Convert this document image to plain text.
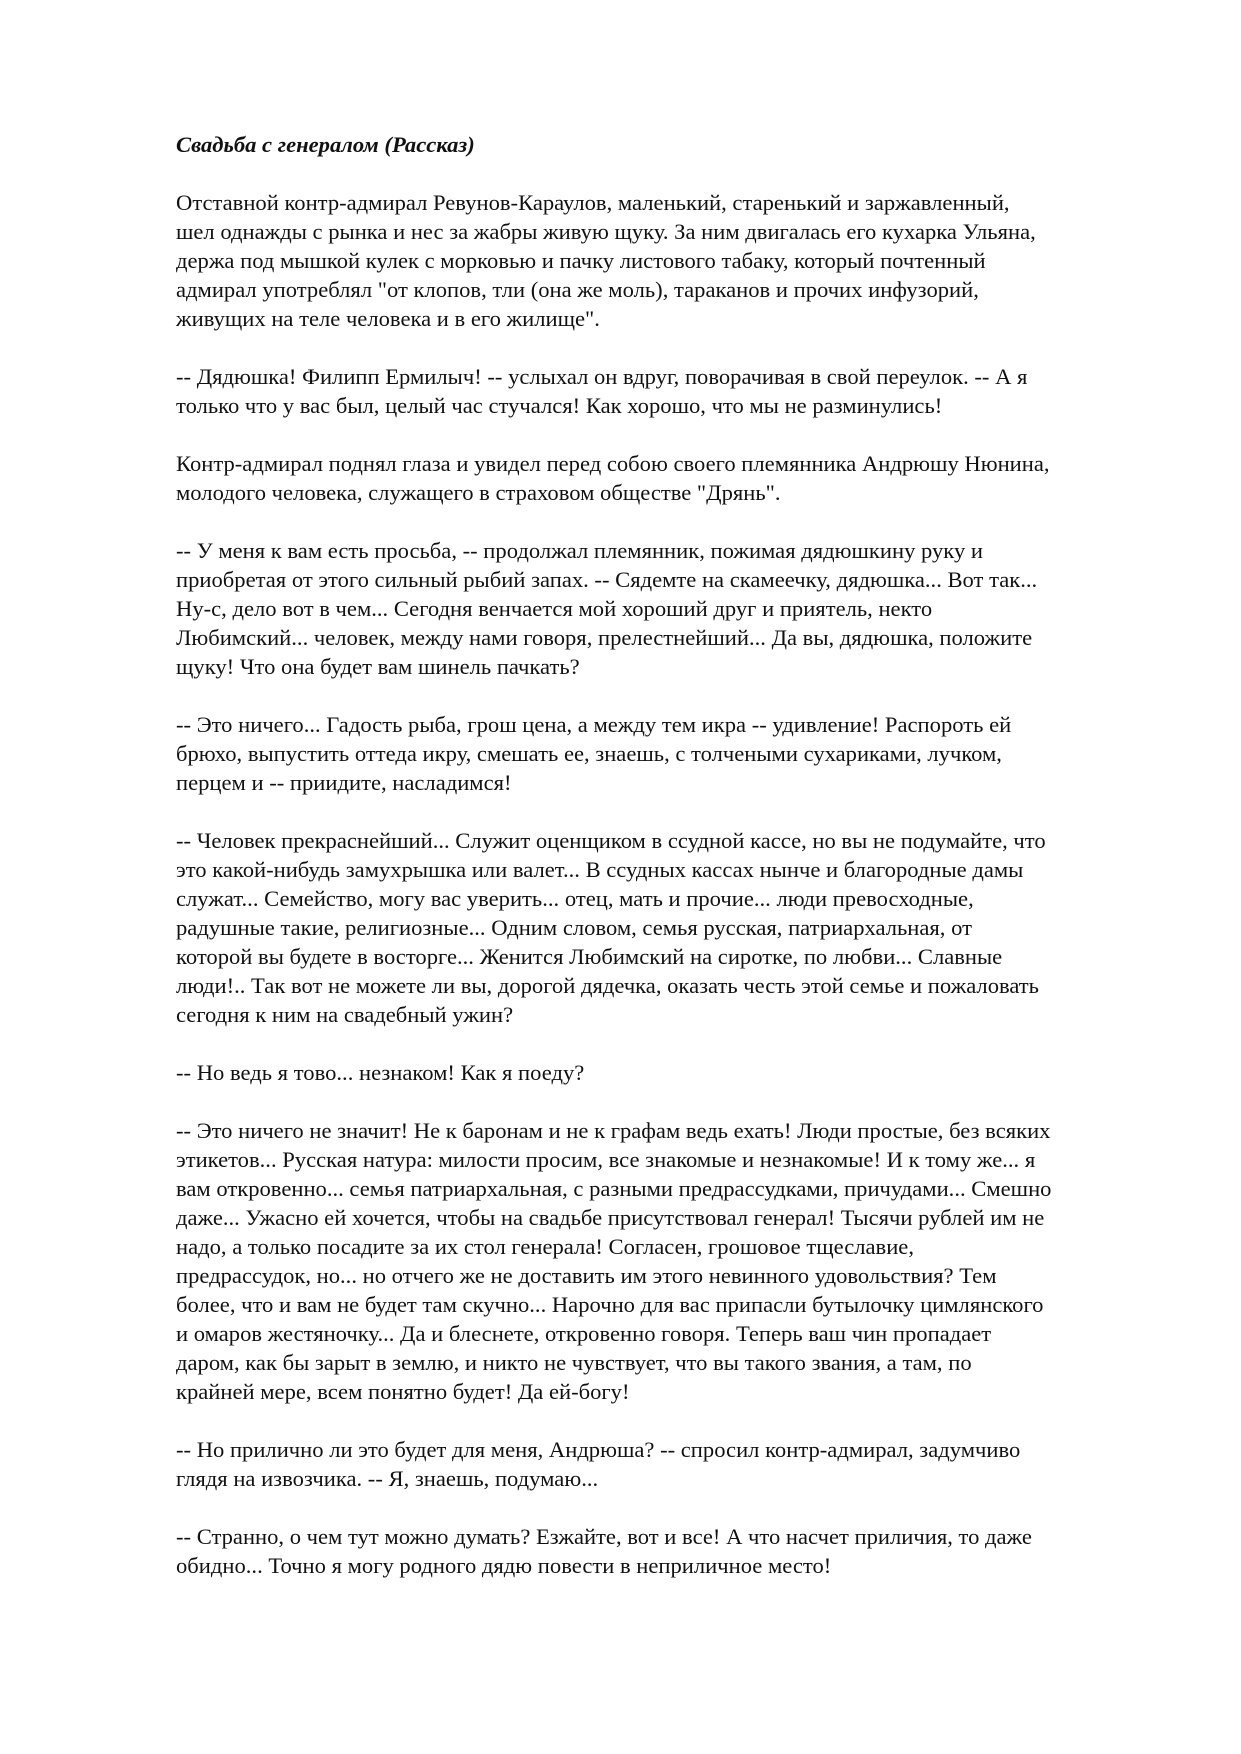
Свадьба с генералом (Рассказ)
Отставной контр-адмирал Ревунов-Караулов, маленький, старенький и заржавленный,
шел однажды с рынка и нес за жабры живую щуку. За ним двигалась его кухарка Ульяна,
держа под мышкой кулек с морковью и пачку листового табаку, который почтенный
адмирал употреблял "от клопов, тли (она же моль), тараканов и прочих инфузорий,
живущих на теле человека и в его жилище".
-- Дядюшка! Филипп Ермилыч! -- услыхал он вдруг, поворачивая в свой переулок. -- А я
только что у вас был, целый час стучался! Как хорошо, что мы не разминулись!
Контр-адмирал поднял глаза и увидел перед собою своего племянника Андрюшу Нюнина,
молодого человека, служащего в страховом обществе "Дрянь".
-- У меня к вам есть просьба, -- продолжал племянник, пожимая дядюшкину руку и
приобретая от этого сильный рыбий запах. -- Сядемте на скамеечку, дядюшка... Вот так...
Ну-с, дело вот в чем... Сегодня венчается мой хороший друг и приятель, некто
Любимский... человек, между нами говоря, прелестнейший... Да вы, дядюшка, положите
щуку! Что она будет вам шинель пачкать?
-- Это ничего... Гадость рыба, грош цена, а между тем икра -- удивление! Распороть ей
брюхо, выпустить оттеда икру, смешать ее, знаешь, с толчеными сухариками, лучком,
перцем и -- приидите, насладимся!
-- Человек прекраснейший... Служит оценщиком в ссудной кассе, но вы не подумайте, что
это какой-нибудь замухрышка или валет... В ссудных кассах нынче и благородные дамы
служат... Семейство, могу вас уверить... отец, мать и прочие... люди превосходные,
радушные такие, религиозные... Одним словом, семья русская, патриархальная, от
которой вы будете в восторге... Женится Любимский на сиротке, по любви... Славные
люди!.. Так вот не можете ли вы, дорогой дядечка, оказать честь этой семье и пожаловать
сегодня к ним на свадебный ужин?
-- Но ведь я тово... незнаком! Как я поеду?
-- Это ничего не значит! Не к баронам и не к графам ведь ехать! Люди простые, без всяких
этикетов... Русская натура: милости просим, все знакомые и незнакомые! И к тому же... я
вам откровенно... семья патриархальная, с разными предрассудками, причудами... Смешно
даже... Ужасно ей хочется, чтобы на свадьбе присутствовал генерал! Тысячи рублей им не
надо, а только посадите за их стол генерала! Согласен, грошовое тщеславие,
предрассудок, но... но отчего же не доставить им этого невинного удовольствия? Тем
более, что и вам не будет там скучно... Нарочно для вас припасли бутылочку цимлянского
и омаров жестяночку... Да и блеснете, откровенно говоря. Теперь ваш чин пропадает
даром, как бы зарыт в землю, и никто не чувствует, что вы такого звания, а там, по
крайней мере, всем понятно будет! Да ей-богу!
-- Но прилично ли это будет для меня, Андрюша? -- спросил контр-адмирал, задумчиво
глядя на извозчика. -- Я, знаешь, подумаю...
-- Странно, о чем тут можно думать? Езжайте, вот и все! А что насчет приличия, то даже
обидно... Точно я могу родного дядю повести в неприличное место!
